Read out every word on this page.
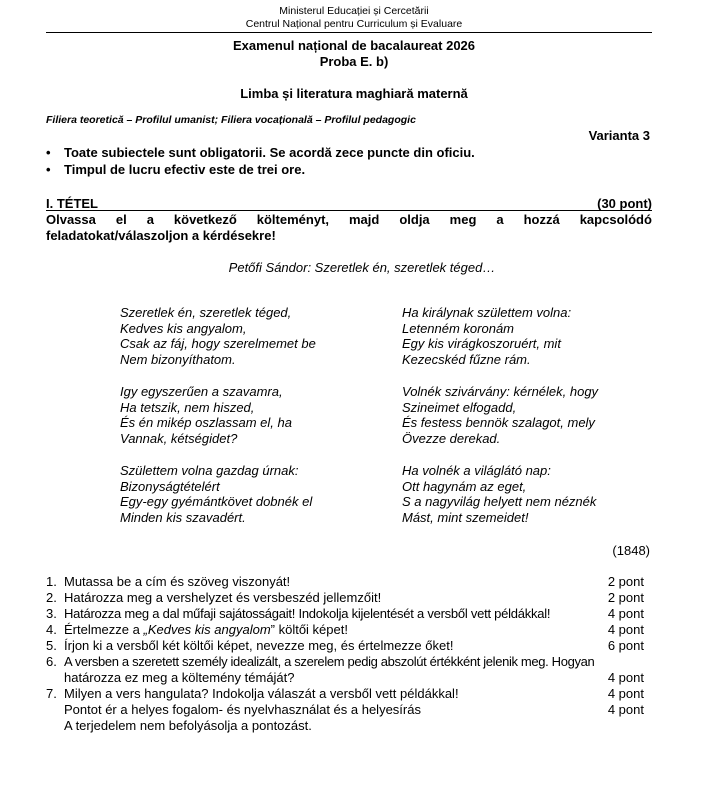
Ministerul Educației și Cercetării
Centrul Național pentru Curriculum și Evaluare
Examenul național de bacalaureat 2026
Proba E. b)
Limba și literatura maghiară maternă
Filiera teoretică – Profilul umanist; Filiera vocațională – Profilul pedagogic
Varianta 3
• Toate subiectele sunt obligatorii. Se acordă zece puncte din oficiu.
• Timpul de lucru efectiv este de trei ore.
I. TÉTEL	(30 pont)
Olvassa el a következő költeményt, majd oldja meg a hozzá kapcsolódó
feladatokat/válaszoljon a kérdésekre!
Petőfi Sándor: Szeretlek én, szeretlek téged…
Szeretlek én, szeretlek téged,
Kedves kis angyalom,
Csak az fáj, hogy szerelmemet be
Nem bizonyíthatom.
Igy egyszerűen a szavamra,
Ha tetszik, nem hiszed,
És én mikép oszlassam el, ha
Vannak, kétségidet?
Születtem volna gazdag úrnak:
Bizonyságtételért
Egy-egy gyémántkövet dobnék el
Minden kis szavadért.
Ha királynak születtem volna:
Letenném koronám
Egy kis virágkoszoruért, mit
Kezecskéd fűzne rám.
Volnék szivárvány: kérnélek, hogy
Szineimet elfogadd,
És festess bennök szalagot, mely
Övezze derekad.
Ha volnék a világlátó nap:
Ott hagynám az eget,
S a nagyvilág helyett nem néznék
Mást, mint szemeidet!
(1848)
1. Mutassa be a cím és szöveg viszonyát!	2 pont
2. Határozza meg a vershelyzet és versbeszéd jellemzőit!	2 pont
3. Határozza meg a dal műfaji sajátosságait! Indokolja kijelentését a versből vett példákkal!	4 pont
4. Értelmezze a „Kedves kis angyalom” költői képet!	4 pont
5. Írjon ki a versből két költői képet, nevezze meg, és értelmezze őket!	6 pont
6. A versben a szeretett személy idealizált, a szerelem pedig abszolút értékként jelenik meg. Hogyan
határozza ez meg a költemény témáját?	4 pont
7. Milyen a vers hangulata? Indokolja válaszát a versből vett példákkal!	4 pont
Pontot ér a helyes fogalom- és nyelvhasználat és a helyesírás	4 pont
A terjedelem nem befolyásolja a pontozást.
